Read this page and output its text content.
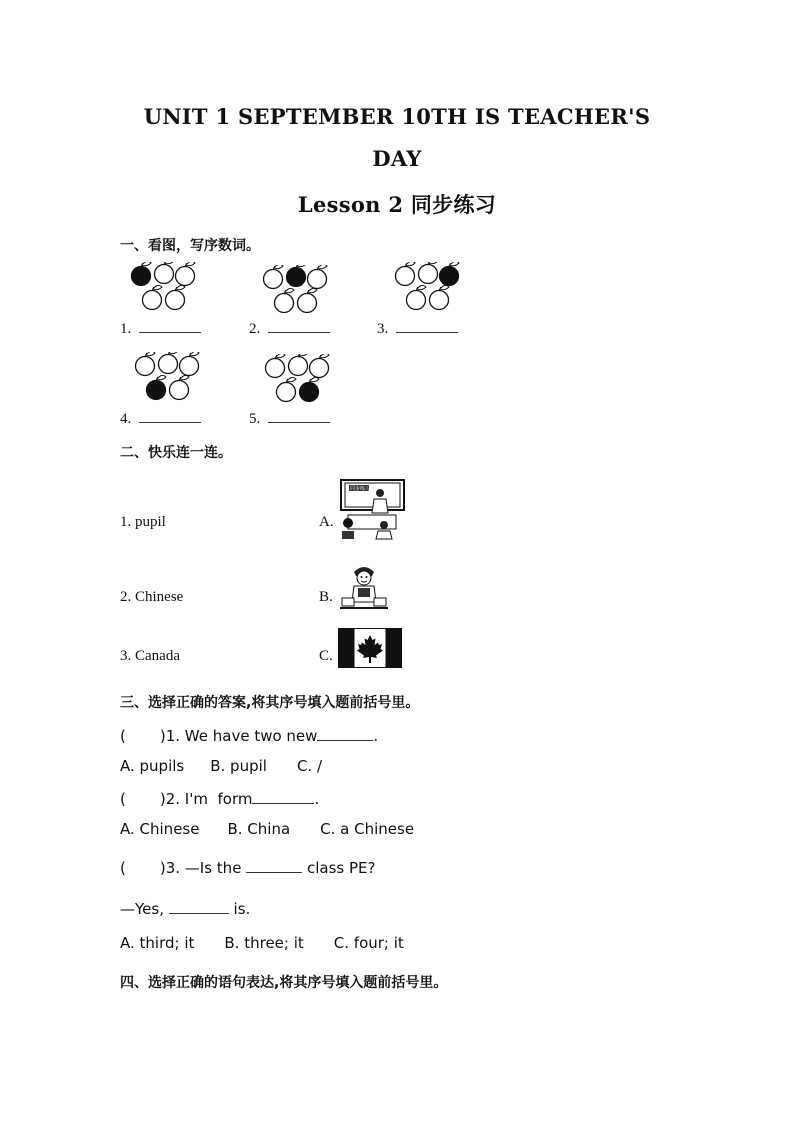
UNIT 1 SEPTEMBER 10TH IS TEACHER'S
DAY
Lesson 2 同步练习
一、看图，写序数词。
1.	2.	3.
4.	5.
二、快乐连一连。
1. pupil
2. Chinese
3. Canada
A.
B.
C.
同步练习
三、选择正确的答案,将其序号填入题前括号里。
( )1. We have two new	.
A. pupils B. pupil C. /
( )2. I'm  form	.
A. Chinese B. China C. a Chinese
( )3. —Is the	class PE?
—Yes,	is.
A. third; it B. three; it C. four; it
四、选择正确的语句表达,将其序号填入题前括号里。
